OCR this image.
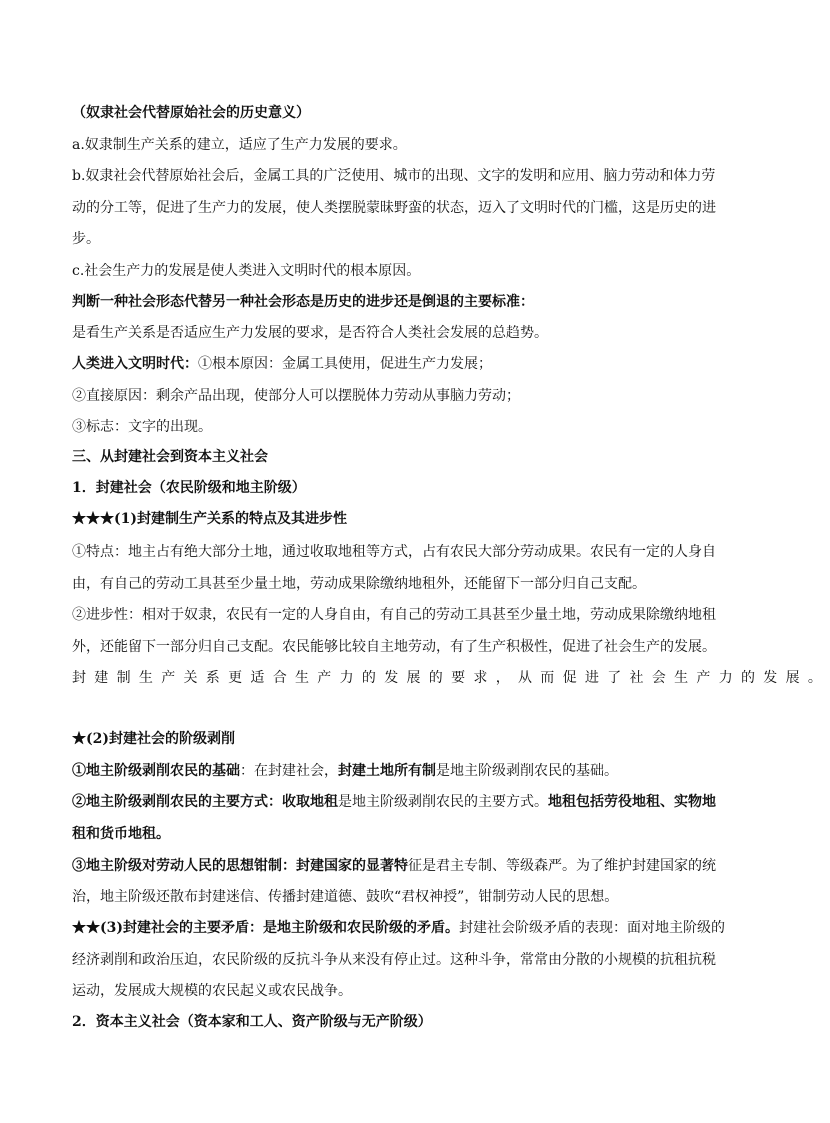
（奴隶社会代替原始社会的历史意义）
a.奴隶制生产关系的建立，适应了生产力发展的要求。
b.奴隶社会代替原始社会后，金属工具的广泛使用、城市的出现、文字的发明和应用、脑力劳动和体力劳
动的分工等，促进了生产力的发展，使人类摆脱蒙昧野蛮的状态，迈入了文明时代的门槛，这是历史的进
步。
c.社会生产力的发展是使人类进入文明时代的根本原因。
判断一种社会形态代替另一种社会形态是历史的进步还是倒退的主要标准：
是看生产关系是否适应生产力发展的要求，是否符合人类社会发展的总趋势。
人类进入文明时代：①根本原因：金属工具使用，促进生产力发展；
②直接原因：剩余产品出现，使部分人可以摆脱体力劳动从事脑力劳动；
③标志：文字的出现。
三、从封建社会到资本主义社会
1．封建社会（农民阶级和地主阶级）
★★★(1)封建制生产关系的特点及其进步性
①特点：地主占有绝大部分土地，通过收取地租等方式，占有农民大部分劳动成果。农民有一定的人身自
由，有自己的劳动工具甚至少量土地，劳动成果除缴纳地租外，还能留下一部分归自己支配。
②进步性：相对于奴隶，农民有一定的人身自由，有自己的劳动工具甚至少量土地，劳动成果除缴纳地租
外，还能留下一部分归自己支配。农民能够比较自主地劳动，有了生产积极性，促进了社会生产的发展。
封建制生产关系更适合生产力的发展的要求，从而促进了社会生产力的发展。
★(2)封建社会的阶级剥削
①地主阶级剥削农民的基础：在封建社会，封建土地所有制是地主阶级剥削农民的基础。
②地主阶级剥削农民的主要方式：收取地租是地主阶级剥削农民的主要方式。地租包括劳役地租、实物地
租和货币地租。
③地主阶级对劳动人民的思想钳制：封建国家的显著特征是君主专制、等级森严。为了维护封建国家的统
治，地主阶级还散布封建迷信、传播封建道德、鼓吹“君权神授”，钳制劳动人民的思想。
★★(3)封建社会的主要矛盾：是地主阶级和农民阶级的矛盾。封建社会阶级矛盾的表现：面对地主阶级的
经济剥削和政治压迫，农民阶级的反抗斗争从来没有停止过。这种斗争，常常由分散的小规模的抗租抗税
运动，发展成大规模的农民起义或农民战争。
2．资本主义社会（资本家和工人、资产阶级与无产阶级）
